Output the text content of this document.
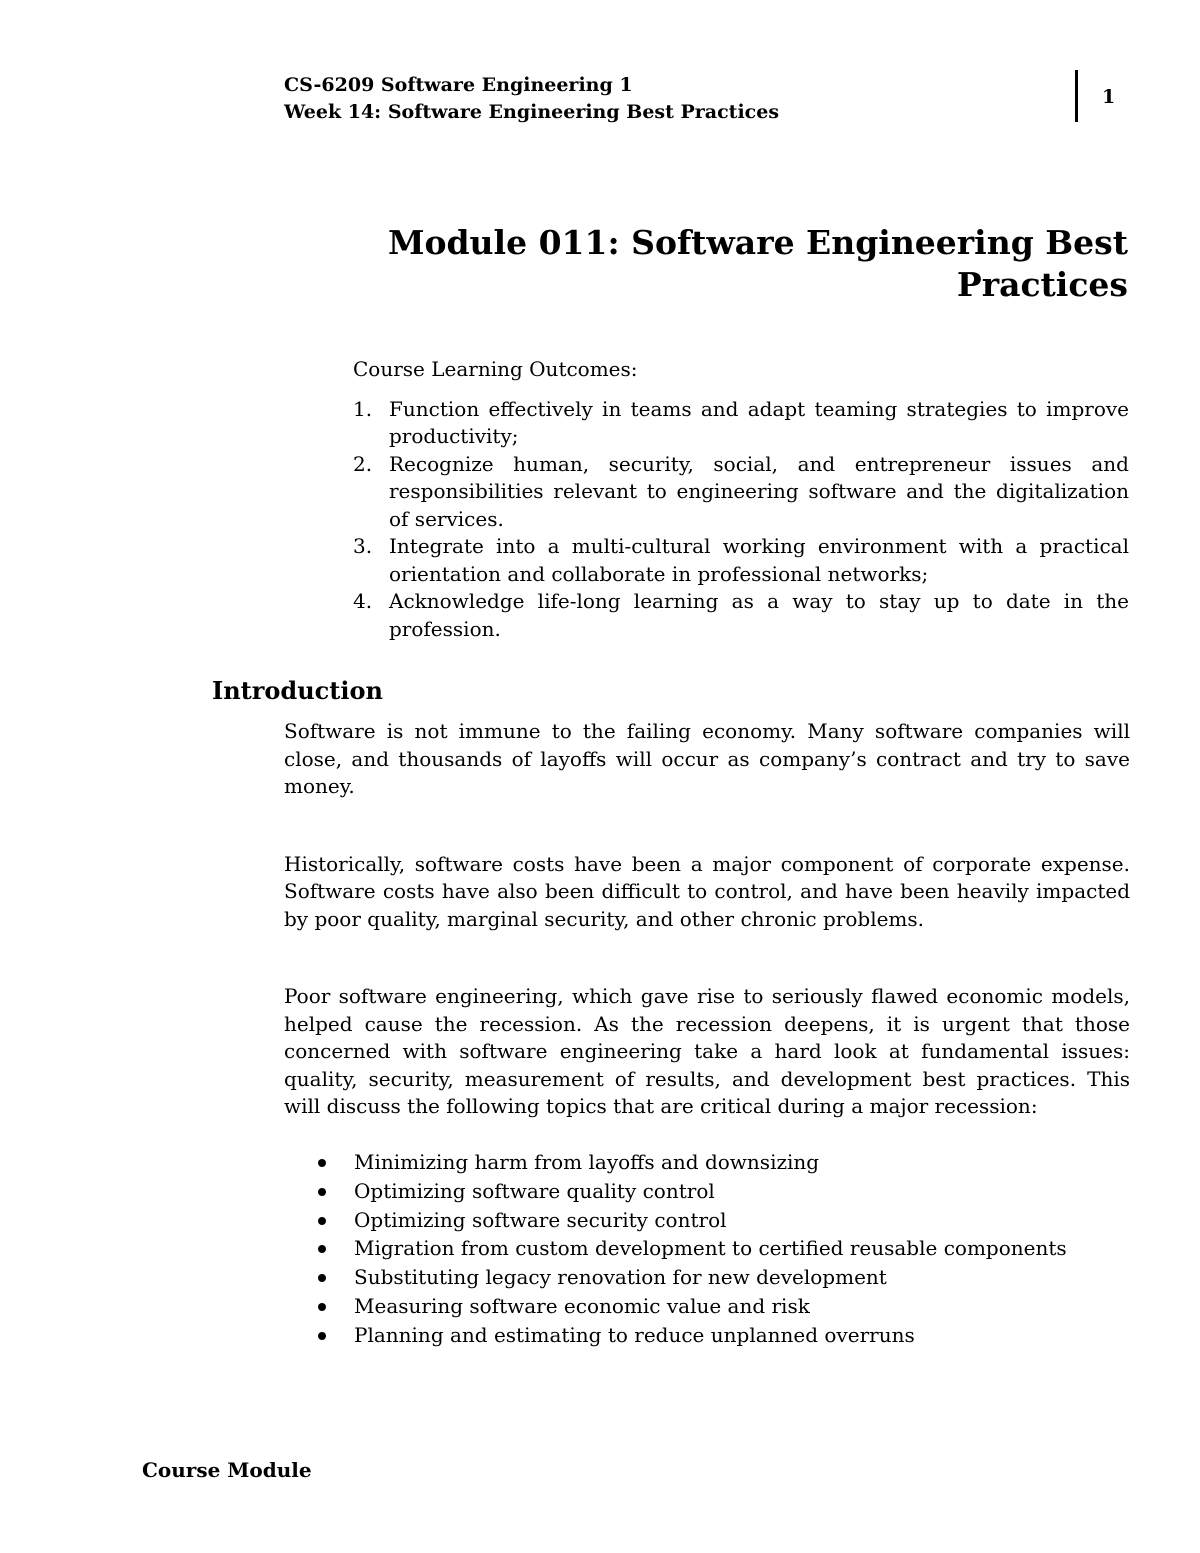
CS-6209 Software Engineering 1
Week 14: Software Engineering Best Practices
1
Module 011: Software Engineering Best
Practices
Course Learning Outcomes:
1. Function effectively in teams and adapt teaming strategies to improve productivity;
2. Recognize human, security, social, and entrepreneur issues and responsibilities relevant to engineering software and the digitalization of services.
3. Integrate into a multi-cultural working environment with a practical orientation and collaborate in professional networks;
4. Acknowledge life-long learning as a way to stay up to date in the profession.
Introduction

Software is not immune to the failing economy. Many software companies will close, and thousands of layoffs will occur as company’s contract and try to save money.

Historically, software costs have been a major component of corporate expense. Software costs have also been difficult to control, and have been heavily impacted by poor quality, marginal security, and other chronic problems.

Poor software engineering, which gave rise to seriously flawed economic models, helped cause the recession. As the recession deepens, it is urgent that those concerned with software engineering take a hard look at fundamental issues: quality, security, measurement of results, and development best practices. This will discuss the following topics that are critical during a major recession:

Minimizing harm from layoffs and downsizing
Optimizing software quality control
Optimizing software security control
Migration from custom development to certified reusable components
Substituting legacy renovation for new development
Measuring software economic value and risk
Planning and estimating to reduce unplanned overruns
Course Module
